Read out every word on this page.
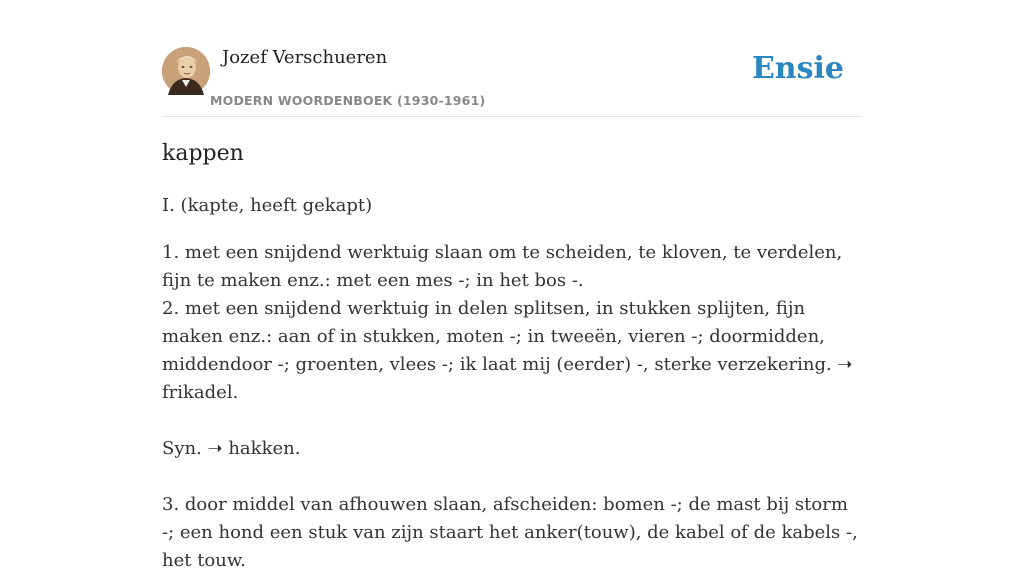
Jozef Verschueren
MODERN WOORDENBOEK (1930-1961)
Ensie
kappen
I. (kapte, heeft gekapt)

1. met een snijdend werktuig slaan om te scheiden, te kloven, te verdelen, fijn te maken enz.: met een mes -; in het bos -.

2. met een snijdend werktuig in delen splitsen, in stukken splijten, fijn maken enz.: aan of in stukken, moten -; in tweeën, vieren -; doormidden, middendoor -; groenten, vlees -; ik laat mij (eerder) -, sterke verzekering. ➝ frikadel.

Syn. ➝ hakken.

3. door middel van afhouwen slaan, afscheiden: bomen -; de mast bij storm -; een hond een stuk van zijn staart het anker(touw), de kabel of de kabels -, het touw.
